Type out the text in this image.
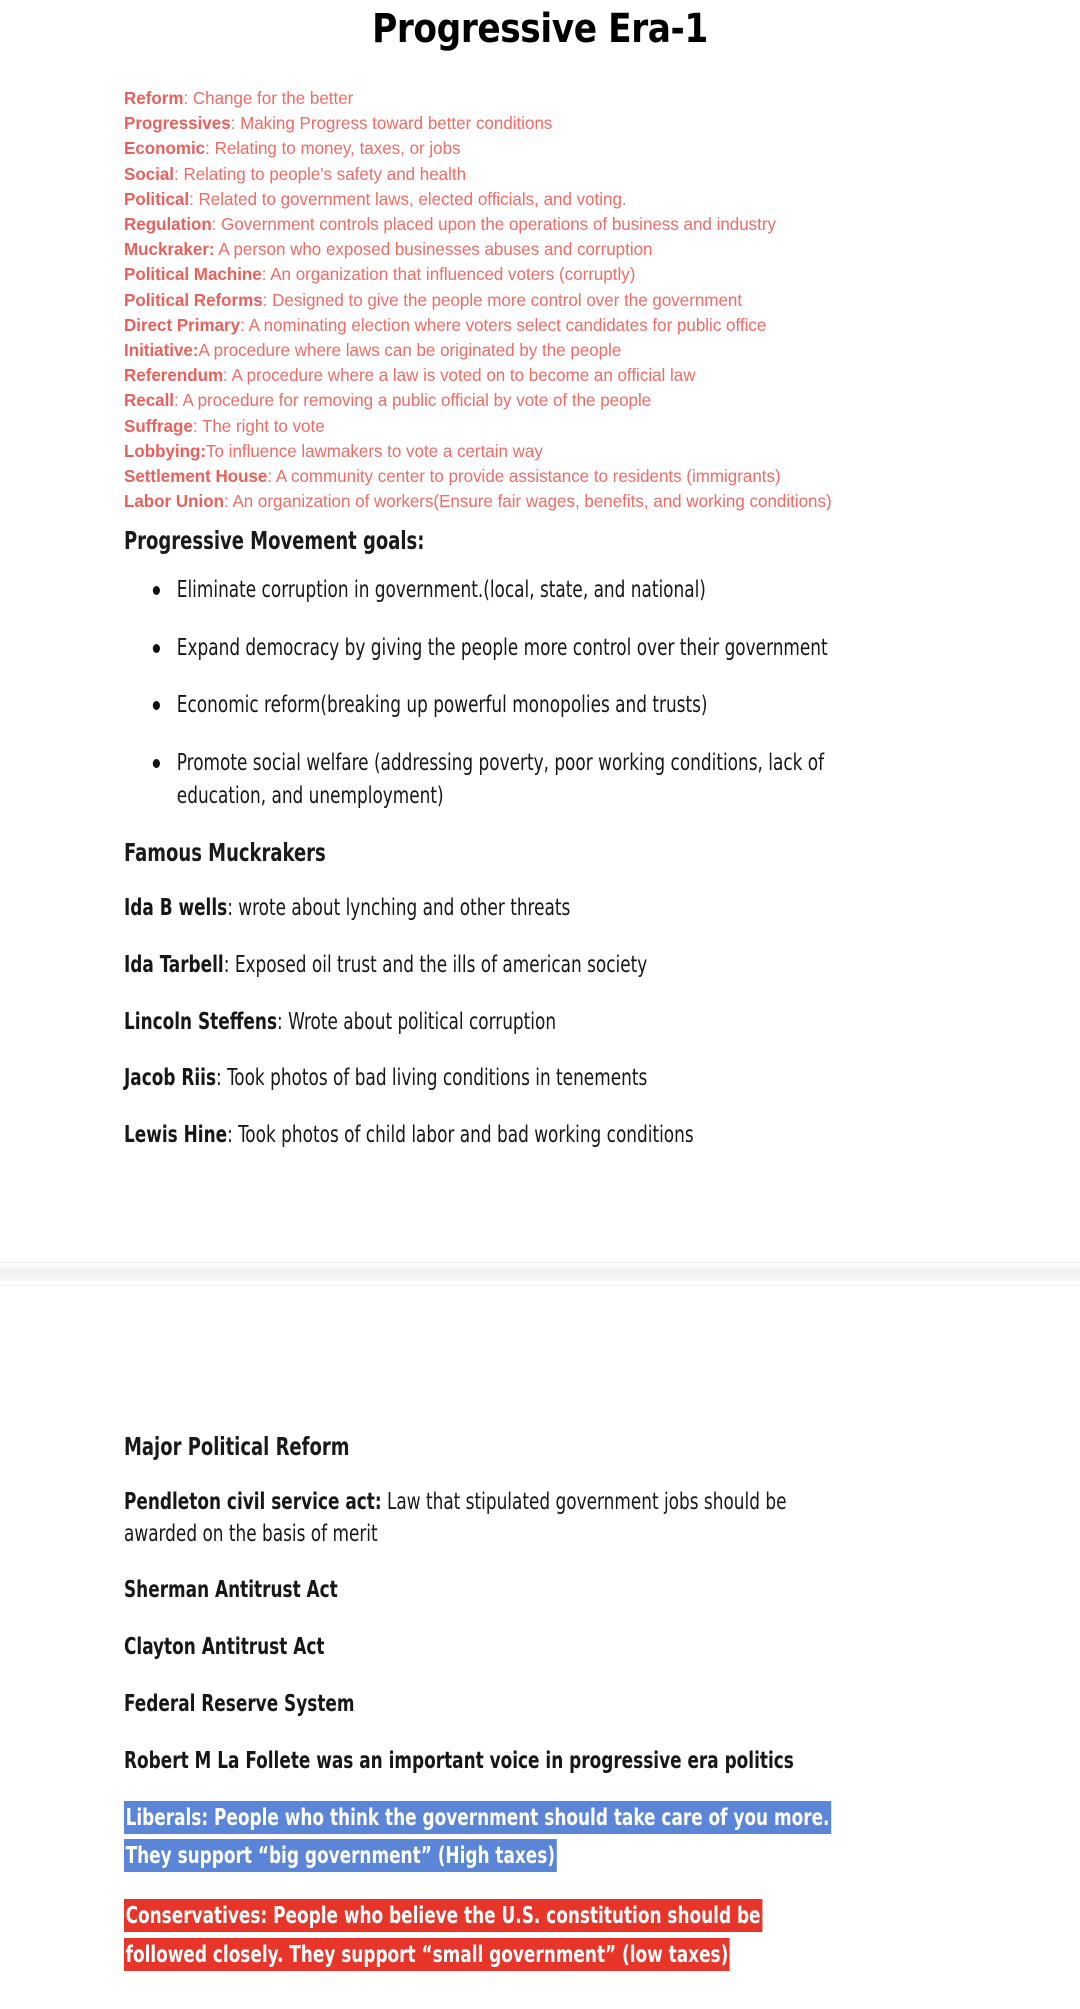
Progressive Era-1
Reform: Change for the better
Progressives: Making Progress toward better conditions
Economic: Relating to money, taxes, or jobs
Social: Relating to people's safety and health
Political: Related to government laws, elected officials, and voting.
Regulation: Government controls placed upon the operations of business and industry
Muckraker: A person who exposed businesses abuses and corruption
Political Machine: An organization that influenced voters (corruptly)
Political Reforms: Designed to give the people more control over the government
Direct Primary: A nominating election where voters select candidates for public office
Initiative:A procedure where laws can be originated by the people
Referendum: A procedure where a law is voted on to become an official law
Recall: A procedure for removing a public official by vote of the people
Suffrage: The right to vote
Lobbying:To influence lawmakers to vote a certain way
Settlement House: A community center to provide assistance to residents (immigrants)
Labor Union: An organization of workers(Ensure fair wages, benefits, and working conditions)
Progressive Movement goals:
Eliminate corruption in government.(local, state, and national)
Expand democracy by giving the people more control over their government
Economic reform(breaking up powerful monopolies and trusts)
Promote social welfare (addressing poverty, poor working conditions, lack of education, and unemployment)
Famous Muckrakers
Ida B wells: wrote about lynching and other threats
Ida Tarbell: Exposed oil trust and the ills of american society
Lincoln Steffens: Wrote about political corruption
Jacob Riis: Took photos of bad living conditions in tenements
Lewis Hine: Took photos of child labor and bad working conditions
Major Political Reform
Pendleton civil service act: Law that stipulated government jobs should be awarded on the basis of merit
Sherman Antitrust Act
Clayton Antitrust Act
Federal Reserve System
Robert M La Follete was an important voice in progressive era politics
Liberals: People who think the government should take care of you more. They support “big government” (High taxes)
Conservatives: People who believe the U.S. constitution should be followed closely. They support “small government” (low taxes)
